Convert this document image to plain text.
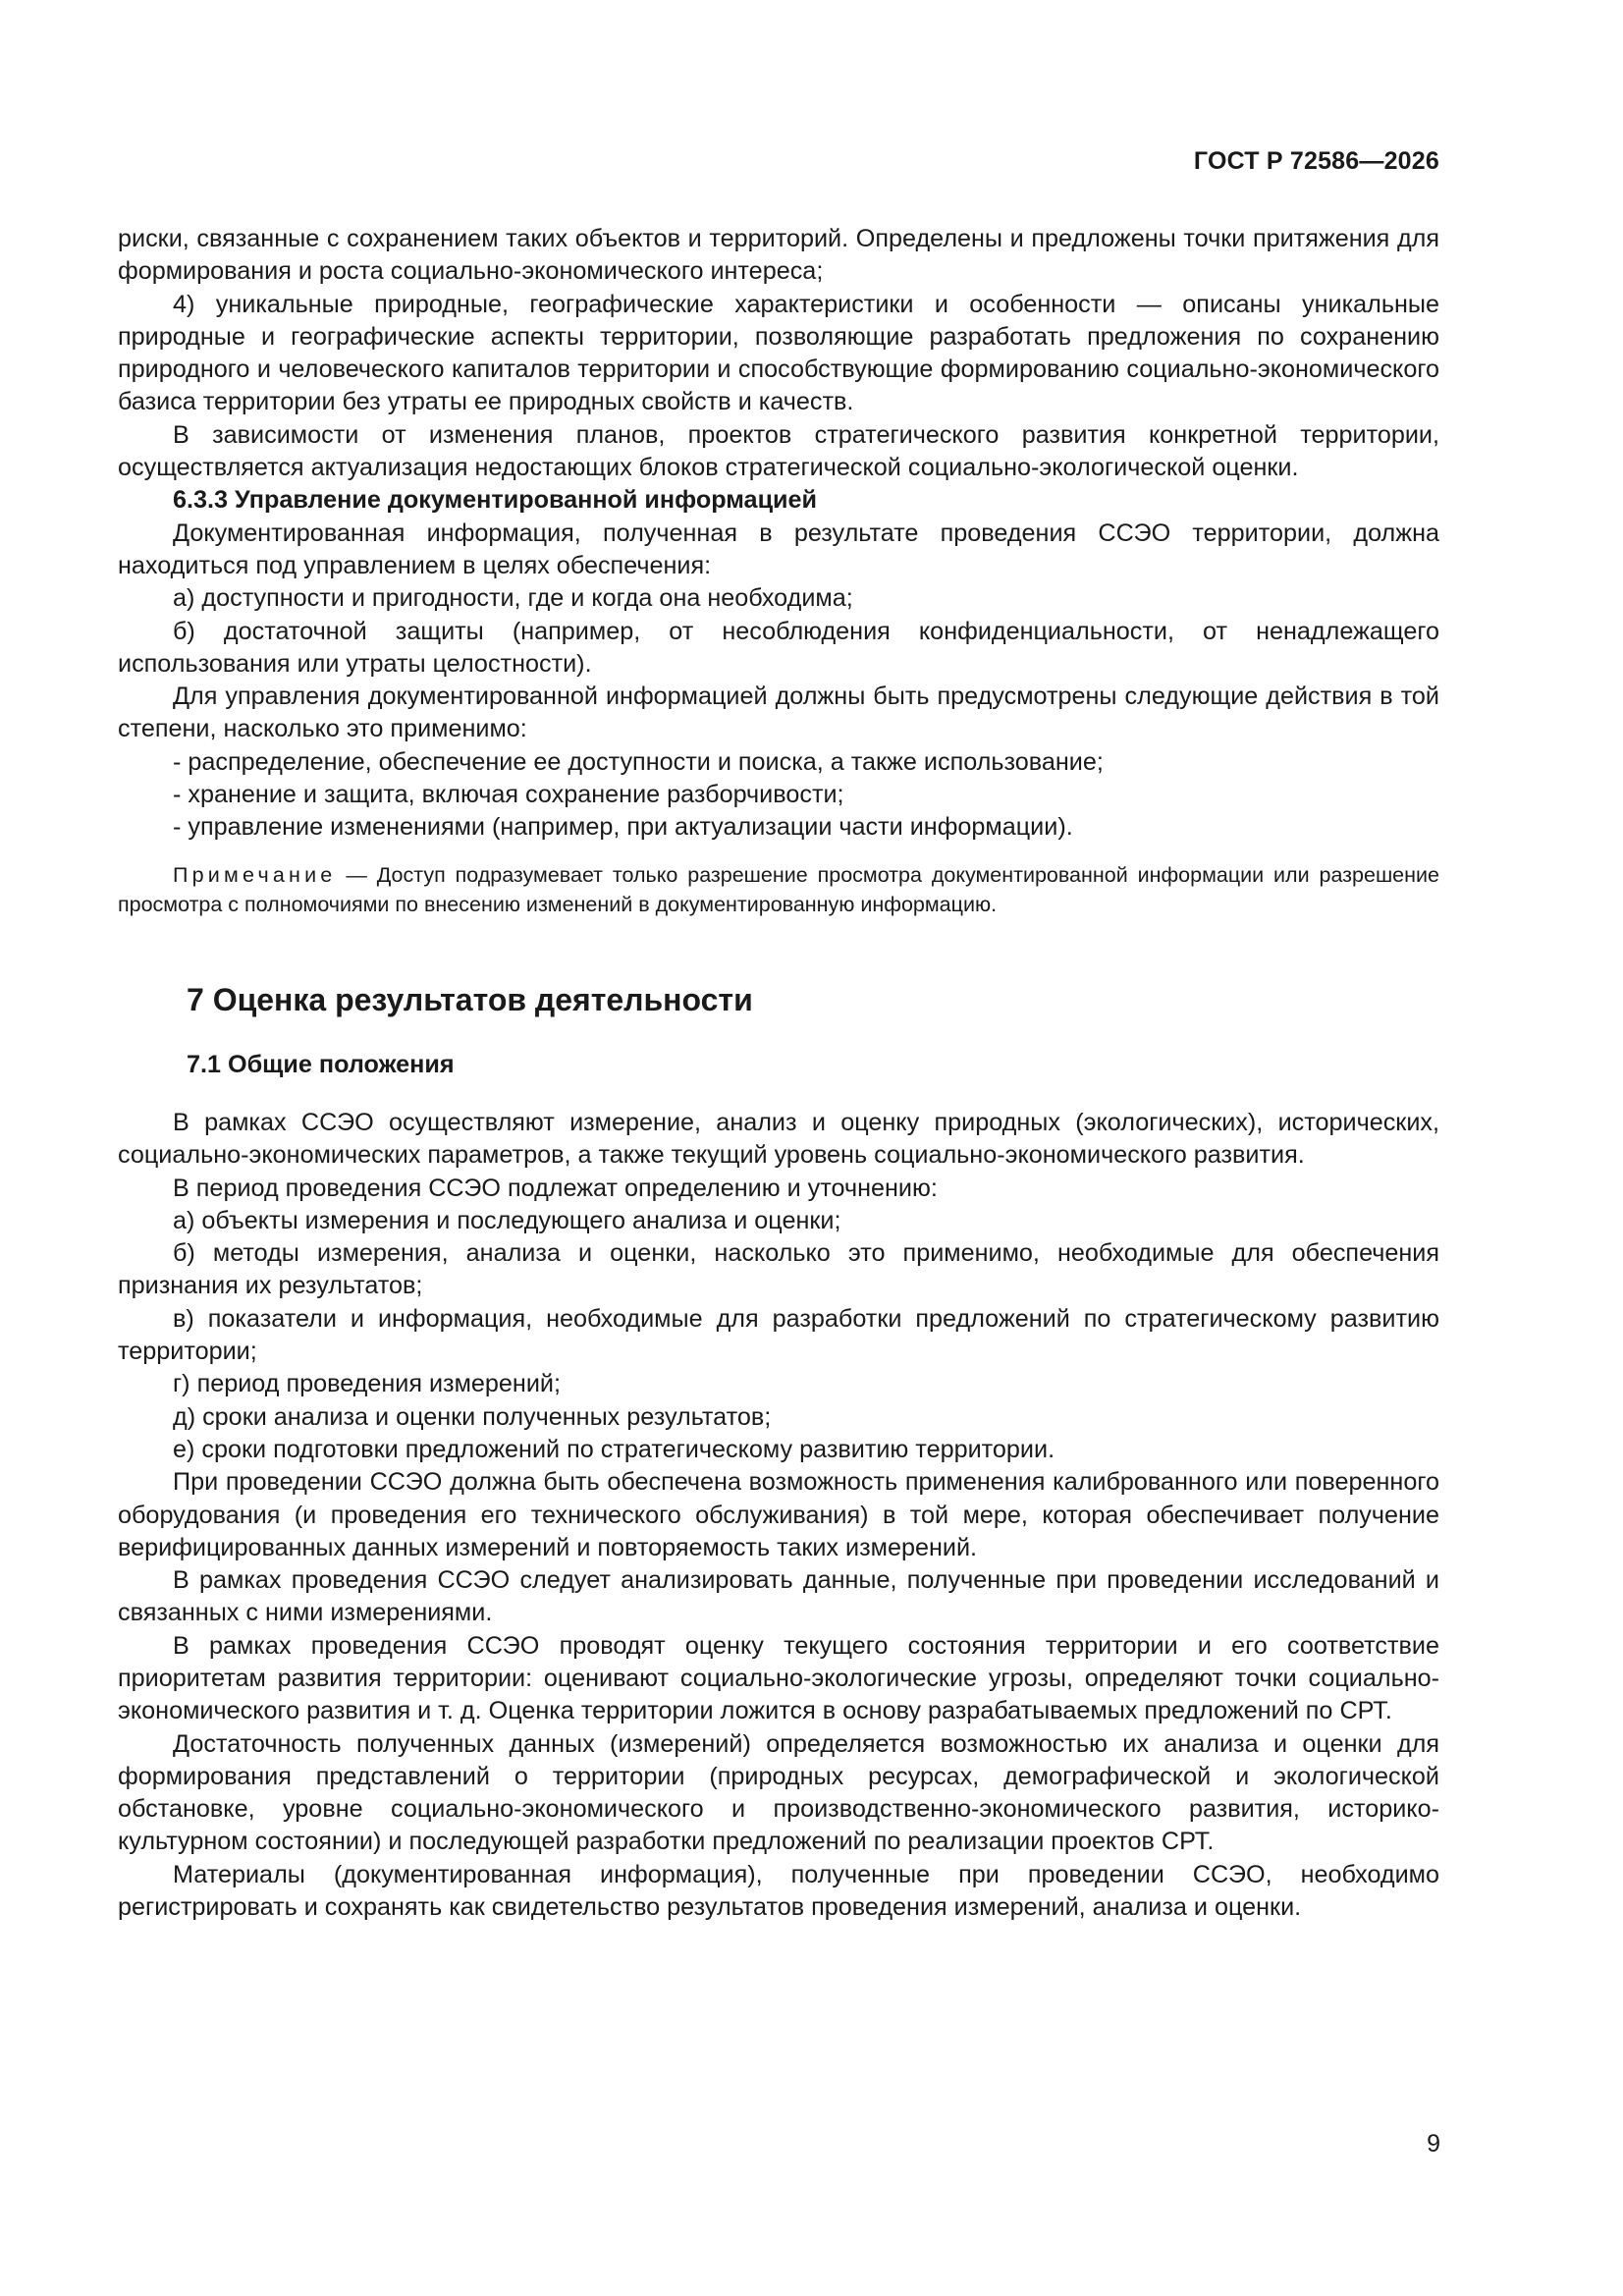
ГОСТ Р 72586—2026

риски, связанные с сохранением таких объектов и территорий. Определены и предложены точки притяжения для формирования и роста социально-экономического интереса;

4) уникальные природные, географические характеристики и особенности — описаны уникальные природные и географические аспекты территории, позволяющие разработать предложения по сохранению природного и человеческого капиталов территории и способствующие формированию социально-экономического базиса территории без утраты ее природных свойств и качеств.

В зависимости от изменения планов, проектов стратегического развития конкретной территории, осуществляется актуализация недостающих блоков стратегической социально-экологической оценки.

6.3.3 Управление документированной информацией

Документированная информация, полученная в результате проведения ССЭО территории, должна находиться под управлением в целях обеспечения:

а) доступности и пригодности, где и когда она необходима;

б) достаточной защиты (например, от несоблюдения конфиденциальности, от ненадлежащего использования или утраты целостности).

Для управления документированной информацией должны быть предусмотрены следующие действия в той степени, насколько это применимо:

- распределение, обеспечение ее доступности и поиска, а также использование;

- хранение и защита, включая сохранение разборчивости;

- управление изменениями (например, при актуализации части информации).

Примечание — Доступ подразумевает только разрешение просмотра документированной информации или разрешение просмотра с полномочиями по внесению изменений в документированную информацию.

7 Оценка результатов деятельности

7.1 Общие положения

В рамках ССЭО осуществляют измерение, анализ и оценку природных (экологических), исторических, социально-экономических параметров, а также текущий уровень социально-экономического развития.

В период проведения ССЭО подлежат определению и уточнению:

а) объекты измерения и последующего анализа и оценки;

б) методы измерения, анализа и оценки, насколько это применимо, необходимые для обеспечения признания их результатов;

в) показатели и информация, необходимые для разработки предложений по стратегическому развитию территории;

г) период проведения измерений;

д) сроки анализа и оценки полученных результатов;

е) сроки подготовки предложений по стратегическому развитию территории.

При проведении ССЭО должна быть обеспечена возможность применения калиброванного или поверенного оборудования (и проведения его технического обслуживания) в той мере, которая обеспечивает получение верифицированных данных измерений и повторяемость таких измерений.

В рамках проведения ССЭО следует анализировать данные, полученные при проведении исследований и связанных с ними измерениями.

В рамках проведения ССЭО проводят оценку текущего состояния территории и его соответствие приоритетам развития территории: оценивают социально-экологические угрозы, определяют точки социально-экономического развития и т. д. Оценка территории ложится в основу разрабатываемых предложений по СРТ.

Достаточность полученных данных (измерений) определяется возможностью их анализа и оценки для формирования представлений о территории (природных ресурсах, демографической и экологической обстановке, уровне социально-экономического и производственно-экономического развития, историко-культурном состоянии) и последующей разработки предложений по реализации проектов СРТ.

Материалы (документированная информация), полученные при проведении ССЭО, необходимо регистрировать и сохранять как свидетельство результатов проведения измерений, анализа и оценки.

9
